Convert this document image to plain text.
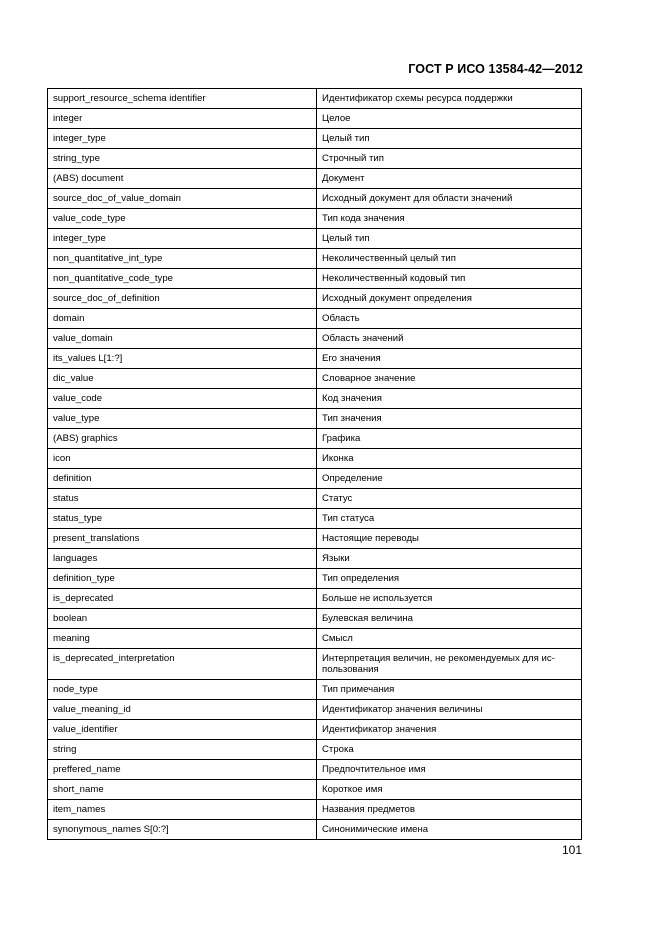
ГОСТ Р ИСО 13584-42—2012
support_resource_schema identifier	Идентификатор схемы ресурса поддержки
integer	Целое
integer_type	Целый тип
string_type	Строчный тип
(ABS) document	Документ
source_doc_of_value_domain	Исходный документ для области значений
value_code_type	Тип кода значения
integer_type	Целый тип
non_quantitative_int_type	Неколичественный целый тип
non_quantitative_code_type	Неколичественный кодовый тип
source_doc_of_definition	Исходный документ определения
domain	Область
value_domain	Область значений
its_values L[1:?]	Его значения
dic_value	Словарное значение
value_code	Код значения
value_type	Тип значения
(ABS) graphics	Графика
icon	Иконка
definition	Определение
status	Статус
status_type	Тип статуса
present_translations	Настоящие переводы
languages	Языки
definition_type	Тип определения
is_deprecated	Больше не используется
boolean	Булевская величина
meaning	Смысл
is_deprecated_interpretation	Интерпретация величин, не рекомендуемых для ис-
пользования
node_type	Тип примечания
value_meaning_id	Идентификатор значения величины
value_identifier	Идентификатор значения
string	Строка
preffered_name	Предпочтительное имя
short_name	Короткое имя
item_names	Названия предметов
synonymous_names S[0:?]	Синонимические имена
101
